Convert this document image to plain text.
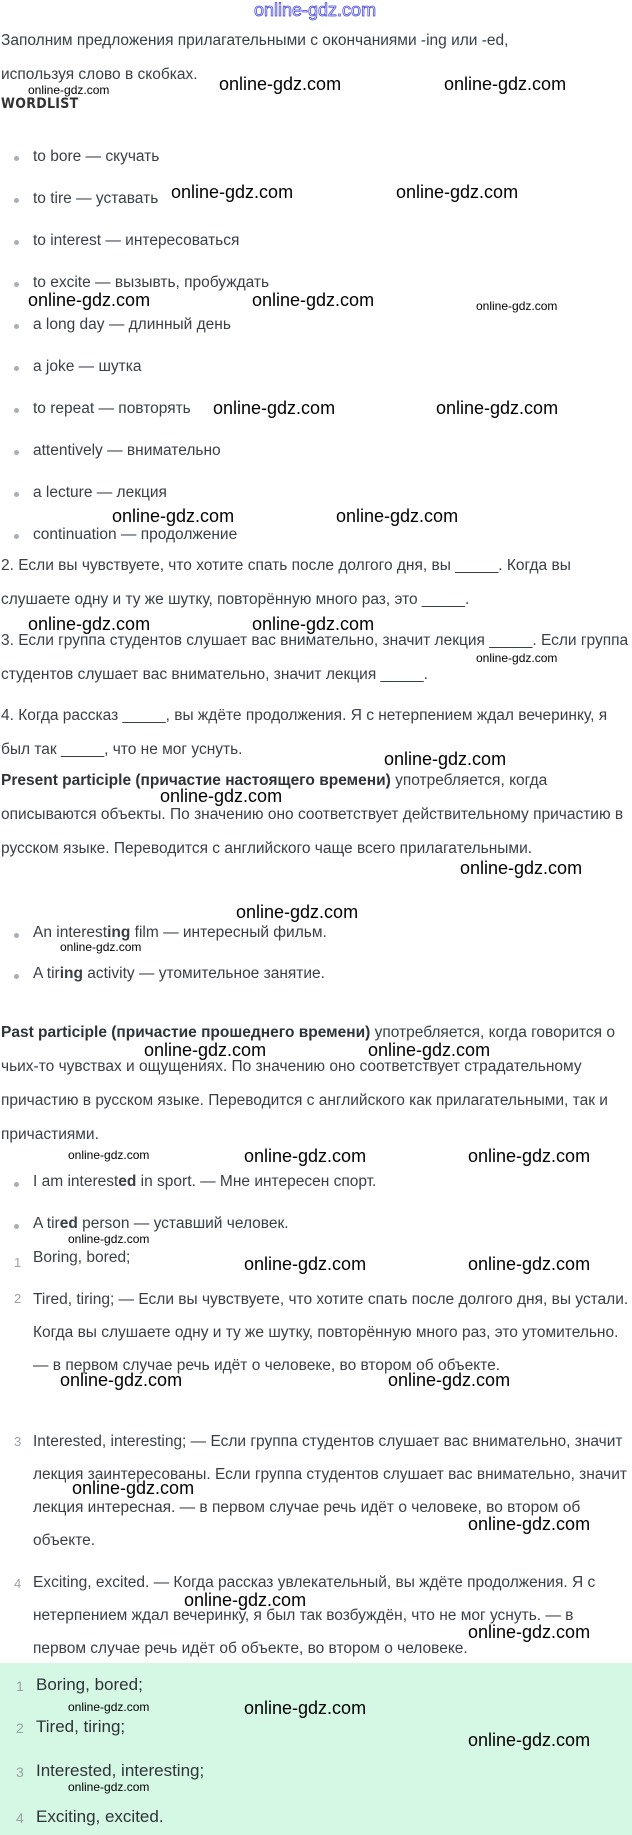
online-gdz.com

Заполним предложения прилагательными с окончаниями -ing или -ed,

используя слово в скобках.

WORDLIST
to bore — скучать
to tire — уставать
to interest — интересоваться
to excite — вызывть, пробуждать
a long day — длинный день
a joke — шутка
to repeat — повторять
attentively — внимательно
a lecture — лекция
continuation — продолжение

2. Если вы чувствуете, что хотите спать после долгого дня, вы _____. Когда вы слушаете одну и ту же шутку, повторённую много раз, это _____.

3. Если группа студентов слушает вас внимательно, значит лекция _____. Если группа студентов слушает вас внимательно, значит лекция _____.

4. Когда рассказ _____, вы ждёте продолжения. Я с нетерпением ждал вечеринку, я был так _____, что не мог уснуть.

Present participle (причастие настоящего времени) употребляется, когда описываются объекты. По значению оно соответствует действительному причастию в русском языке. Переводится с английского чаще всего прилагательными.

An interesting film — интересный фильм.
A tiring activity — утомительное занятие.

Past participle (причастие прошеднего времени) употребляется, когда говорится о чьих-то чувствах и ощущениях. По значению оно соответствует страдательному причастию в русском языке. Переводится с английского как прилагательными, так и причастиями.

I am interested in sport. — Мне интересен спорт.
A tired person — уставший человек.
1 Boring, bored;
2 Tired, tiring; — Если вы чувствуете, что хотите спать после долгого дня, вы устали. Когда вы слушаете одну и ту же шутку, повторённую много раз, это утомительно. — в первом случае речь идёт о человеке, во втором об объекте.
3 Interested, interesting; — Если группа студентов слушает вас внимательно, значит лекция заинтересованы. Если группа студентов слушает вас внимательно, значит лекция интересная. — в первом случае речь идёт о человеке, во втором об объекте.
4 Exciting, excited. — Когда рассказ увлекательный, вы ждёте продолжения. Я с нетерпением ждал вечеринку, я был так возбуждён, что не мог уснуть. — в первом случае речь идёт об объекте, во втором о человеке.
1 Boring, bored;
2 Tired, tiring;
3 Interested, interesting;
4 Exciting, excited.
online-gdz.com	online-gdz.com	online-gdz.com
online-gdz.com	online-gdz.com
online-gdz.com	online-gdz.com	online-gdz.com
online-gdz.com	online-gdz.com
online-gdz.com	online-gdz.com
online-gdz.com	online-gdz.com
online-gdz.com
online-gdz.com
online-gdz.com
online-gdz.com
online-gdz.com
online-gdz.com
online-gdz.com	online-gdz.com
online-gdz.com	online-gdz.com	online-gdz.com
online-gdz.com
online-gdz.com	online-gdz.com
online-gdz.com	online-gdz.com
online-gdz.com
online-gdz.com
online-gdz.com
online-gdz.com
online-gdz.com	online-gdz.com
online-gdz.com
online-gdz.com
